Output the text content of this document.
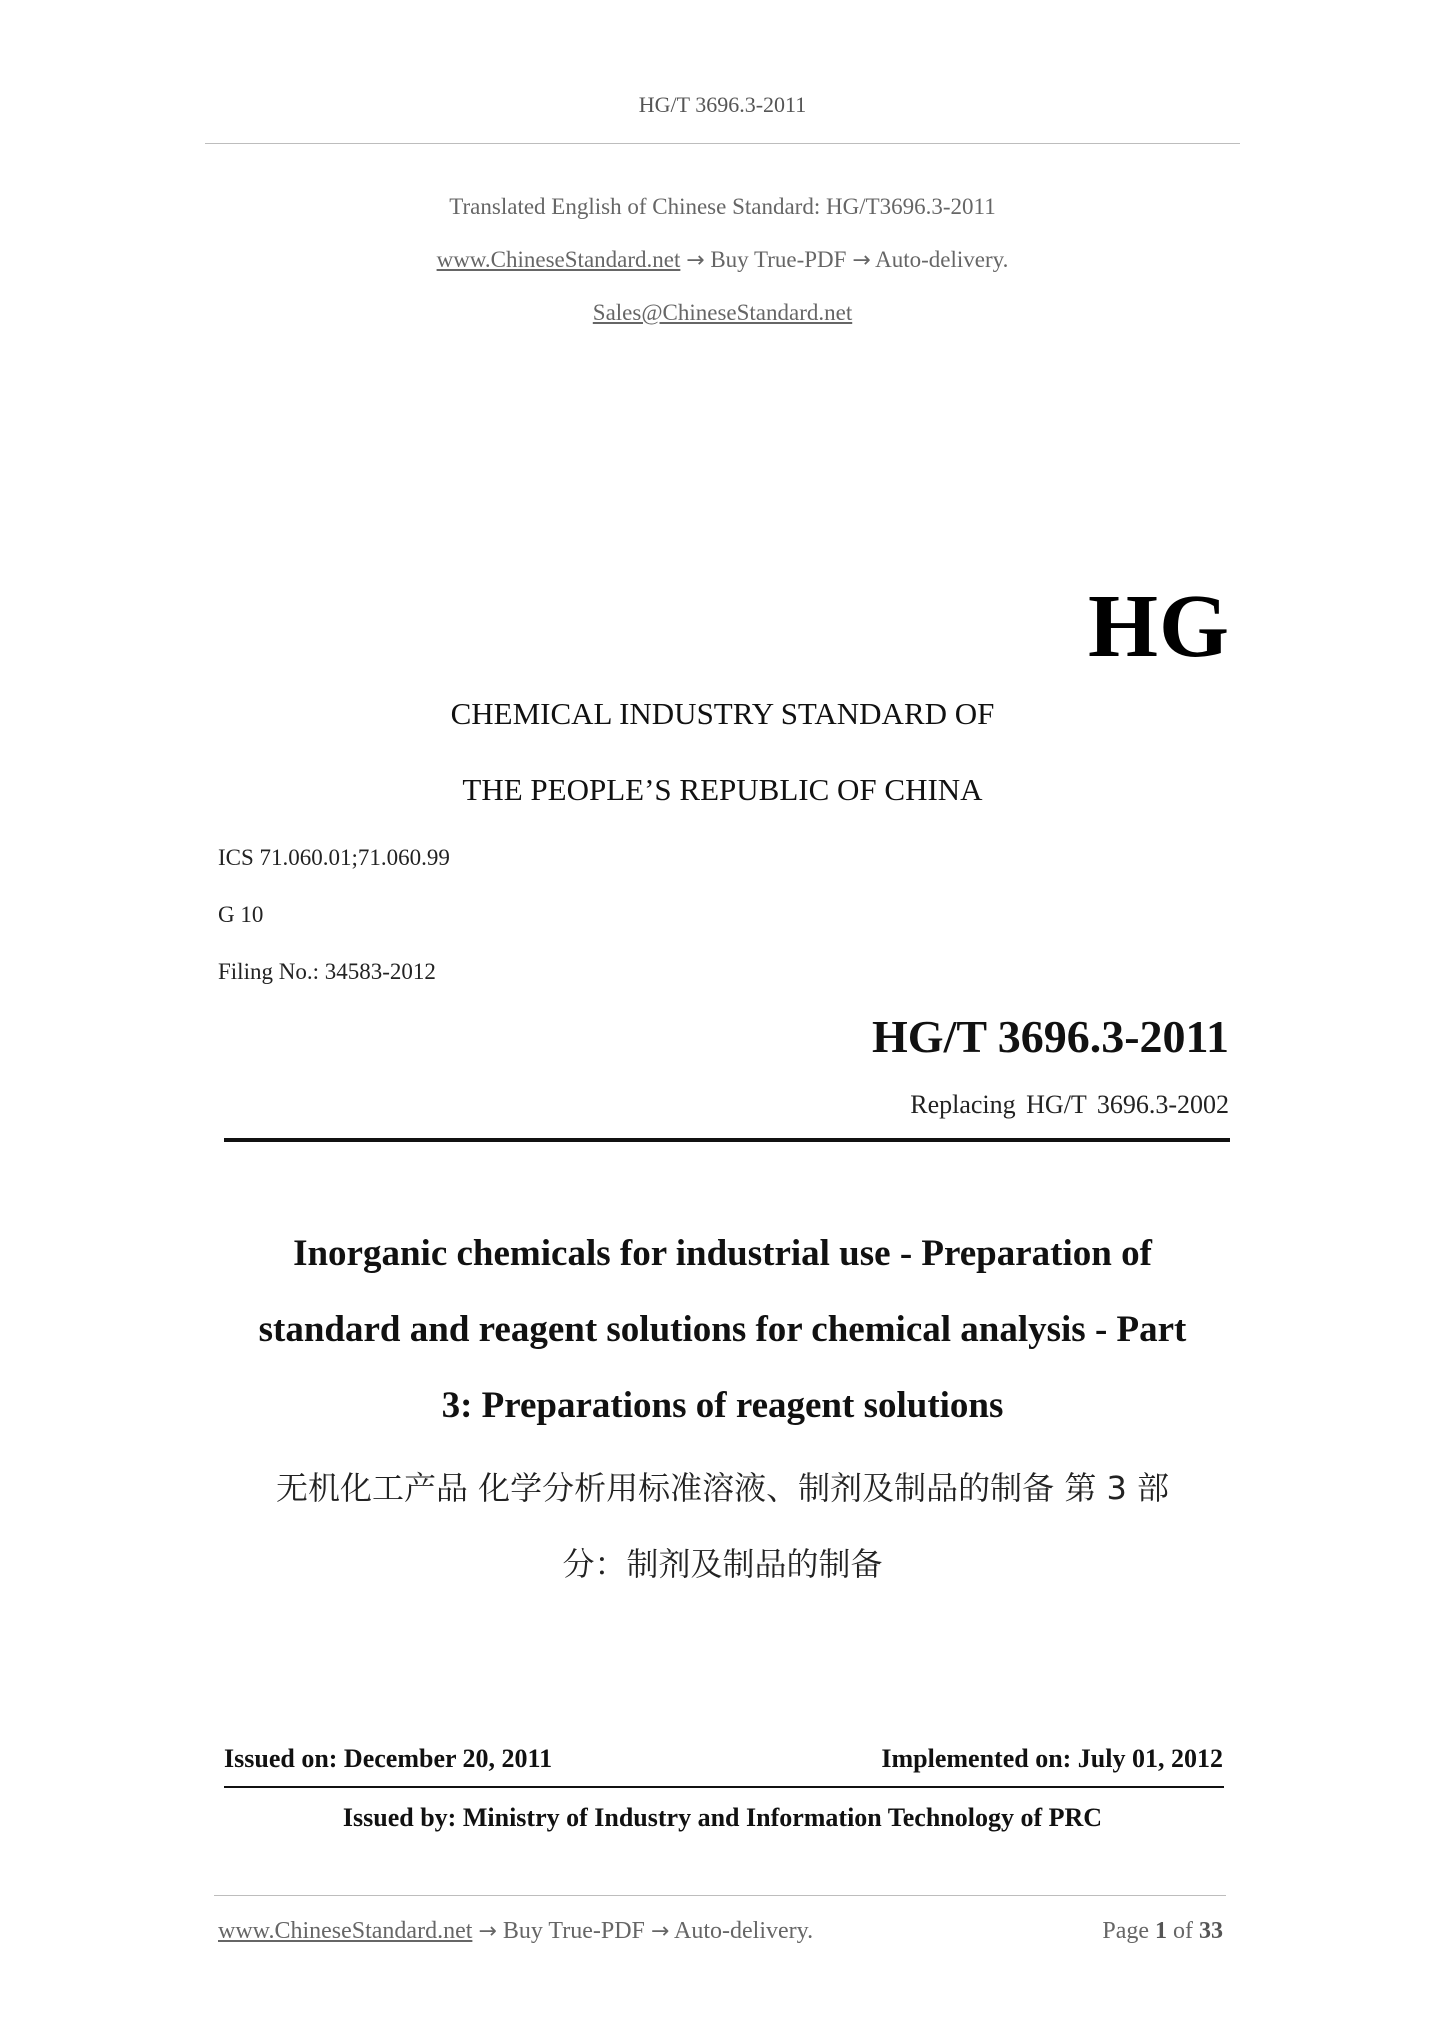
HG/T 3696.3-2011
Translated English of Chinese Standard: HG/T3696.3-2011
www.ChineseStandard.net → Buy True-PDF → Auto-delivery.
Sales@ChineseStandard.net
HG
CHEMICAL INDUSTRY STANDARD OF
THE PEOPLE’S REPUBLIC OF CHINA
ICS 71.060.01;71.060.99
G 10
Filing No.: 34583-2012
HG/T 3696.3-2011
Replacing HG/T 3696.3-2002
Inorganic chemicals for industrial use - Preparation of
standard and reagent solutions for chemical analysis - Part
3: Preparations of reagent solutions
无机化工产品 化学分析用标准溶液、制剂及制品的制备 第 3 部
分：制剂及制品的制备
Issued on: December 20, 2011	Implemented on: July 01, 2012
Issued by: Ministry of Industry and Information Technology of PRC
www.ChineseStandard.net → Buy True-PDF → Auto-delivery.	Page 1 of 33
